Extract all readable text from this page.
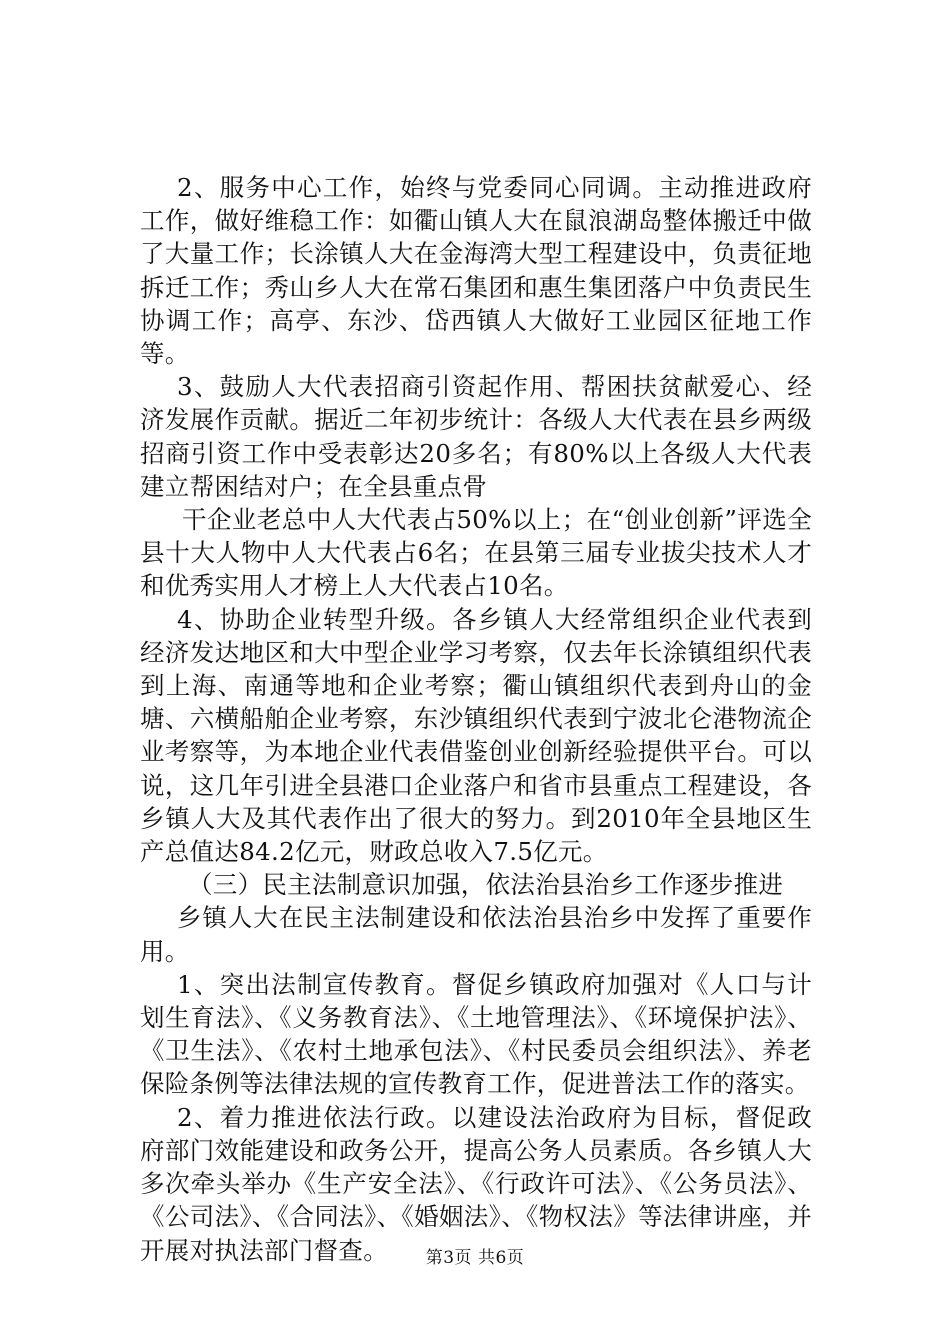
2、服务中心工作，始终与党委同心同调。主动推进政府工作，做好维稳工作：如衢山镇人大在鼠浪湖岛整体搬迁中做了大量工作；长涂镇人大在金海湾大型工程建设中，负责征地拆迁工作；秀山乡人大在常石集团和惠生集团落户中负责民生协调工作；高亭、东沙、岱西镇人大做好工业园区征地工作等。

3、鼓励人大代表招商引资起作用、帮困扶贫献爱心、经济发展作贡献。据近二年初步统计：各级人大代表在县乡两级招商引资工作中受表彰达20多名；有80%以上各级人大代表建立帮困结对户；在全县重点骨

干企业老总中人大代表占50%以上；在“创业创新”评选全县十大人物中人大代表占6名；在县第三届专业拔尖技术人才和优秀实用人才榜上人大代表占10名。

4、协助企业转型升级。各乡镇人大经常组织企业代表到经济发达地区和大中型企业学习考察，仅去年长涂镇组织代表到上海、南通等地和企业考察；衢山镇组织代表到舟山的金塘、六横船舶企业考察，东沙镇组织代表到宁波北仑港物流企业考察等，为本地企业代表借鉴创业创新经验提供平台。可以说，这几年引进全县港口企业落户和省市县重点工程建设，各乡镇人大及其代表作出了很大的努力。到2010年全县地区生产总值达84.2亿元，财政总收入7.5亿元。

（三）民主法制意识加强，依法治县治乡工作逐步推进

乡镇人大在民主法制建设和依法治县治乡中发挥了重要作用。

1、突出法制宣传教育。督促乡镇政府加强对《人口与计划生育法》、《义务教育法》、《土地管理法》、《环境保护法》、《卫生法》、《农村土地承包法》、《村民委员会组织法》、养老保险条例等法律法规的宣传教育工作，促进普法工作的落实。

2、着力推进依法行政。以建设法治政府为目标，督促政府部门效能建设和政务公开，提高公务人员素质。各乡镇人大多次牵头举办《生产安全法》、《行政许可法》、《公务员法》、《公司法》、《合同法》、《婚姻法》、《物权法》等法律讲座，并开展对执法部门督查。	第3页 共6页
